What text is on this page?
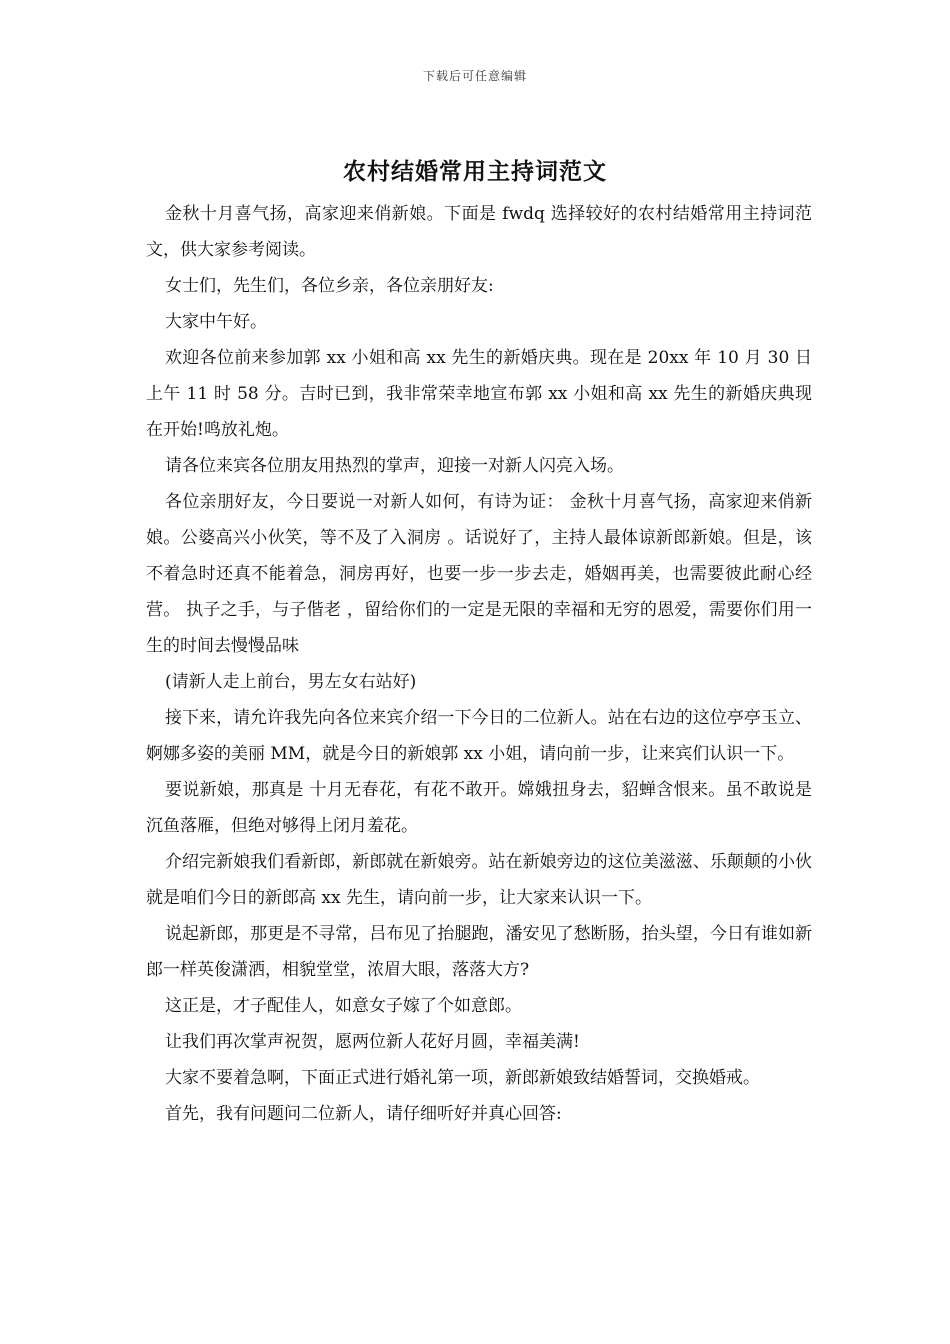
下载后可任意编辑
农村结婚常用主持词范文

金秋十月喜气扬，高家迎来俏新娘。下面是 fwdq 选择较好的农村结婚常用主持词范文，供大家参考阅读。

女士们，先生们，各位乡亲，各位亲朋好友:

大家中午好。

欢迎各位前来参加郭 xx 小姐和高 xx 先生的新婚庆典。现在是 20xx 年 10 月 30 日上午 11 时 58 分。吉时已到，我非常荣幸地宣布郭 xx 小姐和高 xx 先生的新婚庆典现在开始!鸣放礼炮。

请各位来宾各位朋友用热烈的掌声，迎接一对新人闪亮入场。

各位亲朋好友，今日要说一对新人如何，有诗为证： 金秋十月喜气扬，高家迎来俏新娘。公婆高兴小伙笑，等不及了入洞房 。话说好了，主持人最体谅新郎新娘。但是，该不着急时还真不能着急，洞房再好，也要一步一步去走，婚姻再美，也需要彼此耐心经营。 执子之手，与子偕老 ，留给你们的一定是无限的幸福和无穷的恩爱，需要你们用一生的时间去慢慢品味

(请新人走上前台，男左女右站好)

接下来，请允许我先向各位来宾介绍一下今日的二位新人。站在右边的这位亭亭玉立、婀娜多姿的美丽 MM，就是今日的新娘郭 xx 小姐，请向前一步，让来宾们认识一下。

要说新娘，那真是 十月无春花，有花不敢开。嫦娥扭身去，貂蝉含恨来。虽不敢说是沉鱼落雁，但绝对够得上闭月羞花。

介绍完新娘我们看新郎，新郎就在新娘旁。站在新娘旁边的这位美滋滋、乐颠颠的小伙就是咱们今日的新郎高 xx 先生，请向前一步，让大家来认识一下。

说起新郎，那更是不寻常，吕布见了抬腿跑，潘安见了愁断肠，抬头望，今日有谁如新郎一样英俊潇洒，相貌堂堂，浓眉大眼，落落大方?

这正是，才子配佳人，如意女子嫁了个如意郎。

让我们再次掌声祝贺，愿两位新人花好月圆，幸福美满!

大家不要着急啊，下面正式进行婚礼第一项，新郎新娘致结婚誓词，交换婚戒。

首先，我有问题问二位新人，请仔细听好并真心回答:
